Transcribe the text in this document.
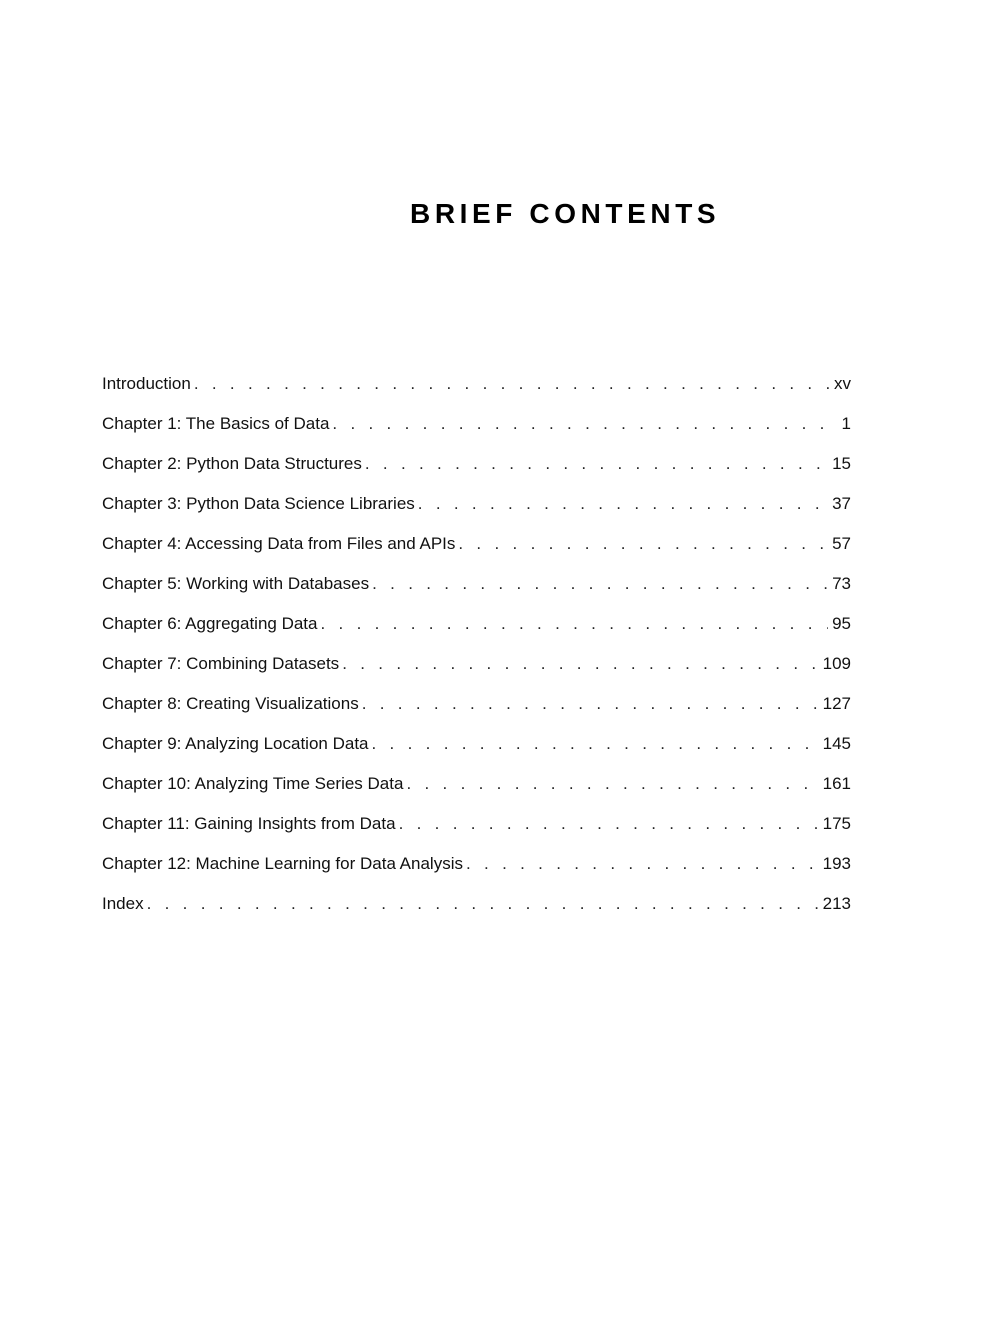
BRIEF CONTENTS
Introduction . . .	xv
Chapter 1: The Basics of Data . . .	1
Chapter 2: Python Data Structures . . .	15
Chapter 3: Python Data Science Libraries . . .	37
Chapter 4: Accessing Data from Files and APIs . . .	57
Chapter 5: Working with Databases . . .	73
Chapter 6: Aggregating Data . . .	95
Chapter 7: Combining Datasets . . .	109
Chapter 8: Creating Visualizations . . .	127
Chapter 9: Analyzing Location Data . . .	145
Chapter 10: Analyzing Time Series Data . . .	161
Chapter 11: Gaining Insights from Data . . .	175
Chapter 12: Machine Learning for Data Analysis . . .	193
Index . . .	213
